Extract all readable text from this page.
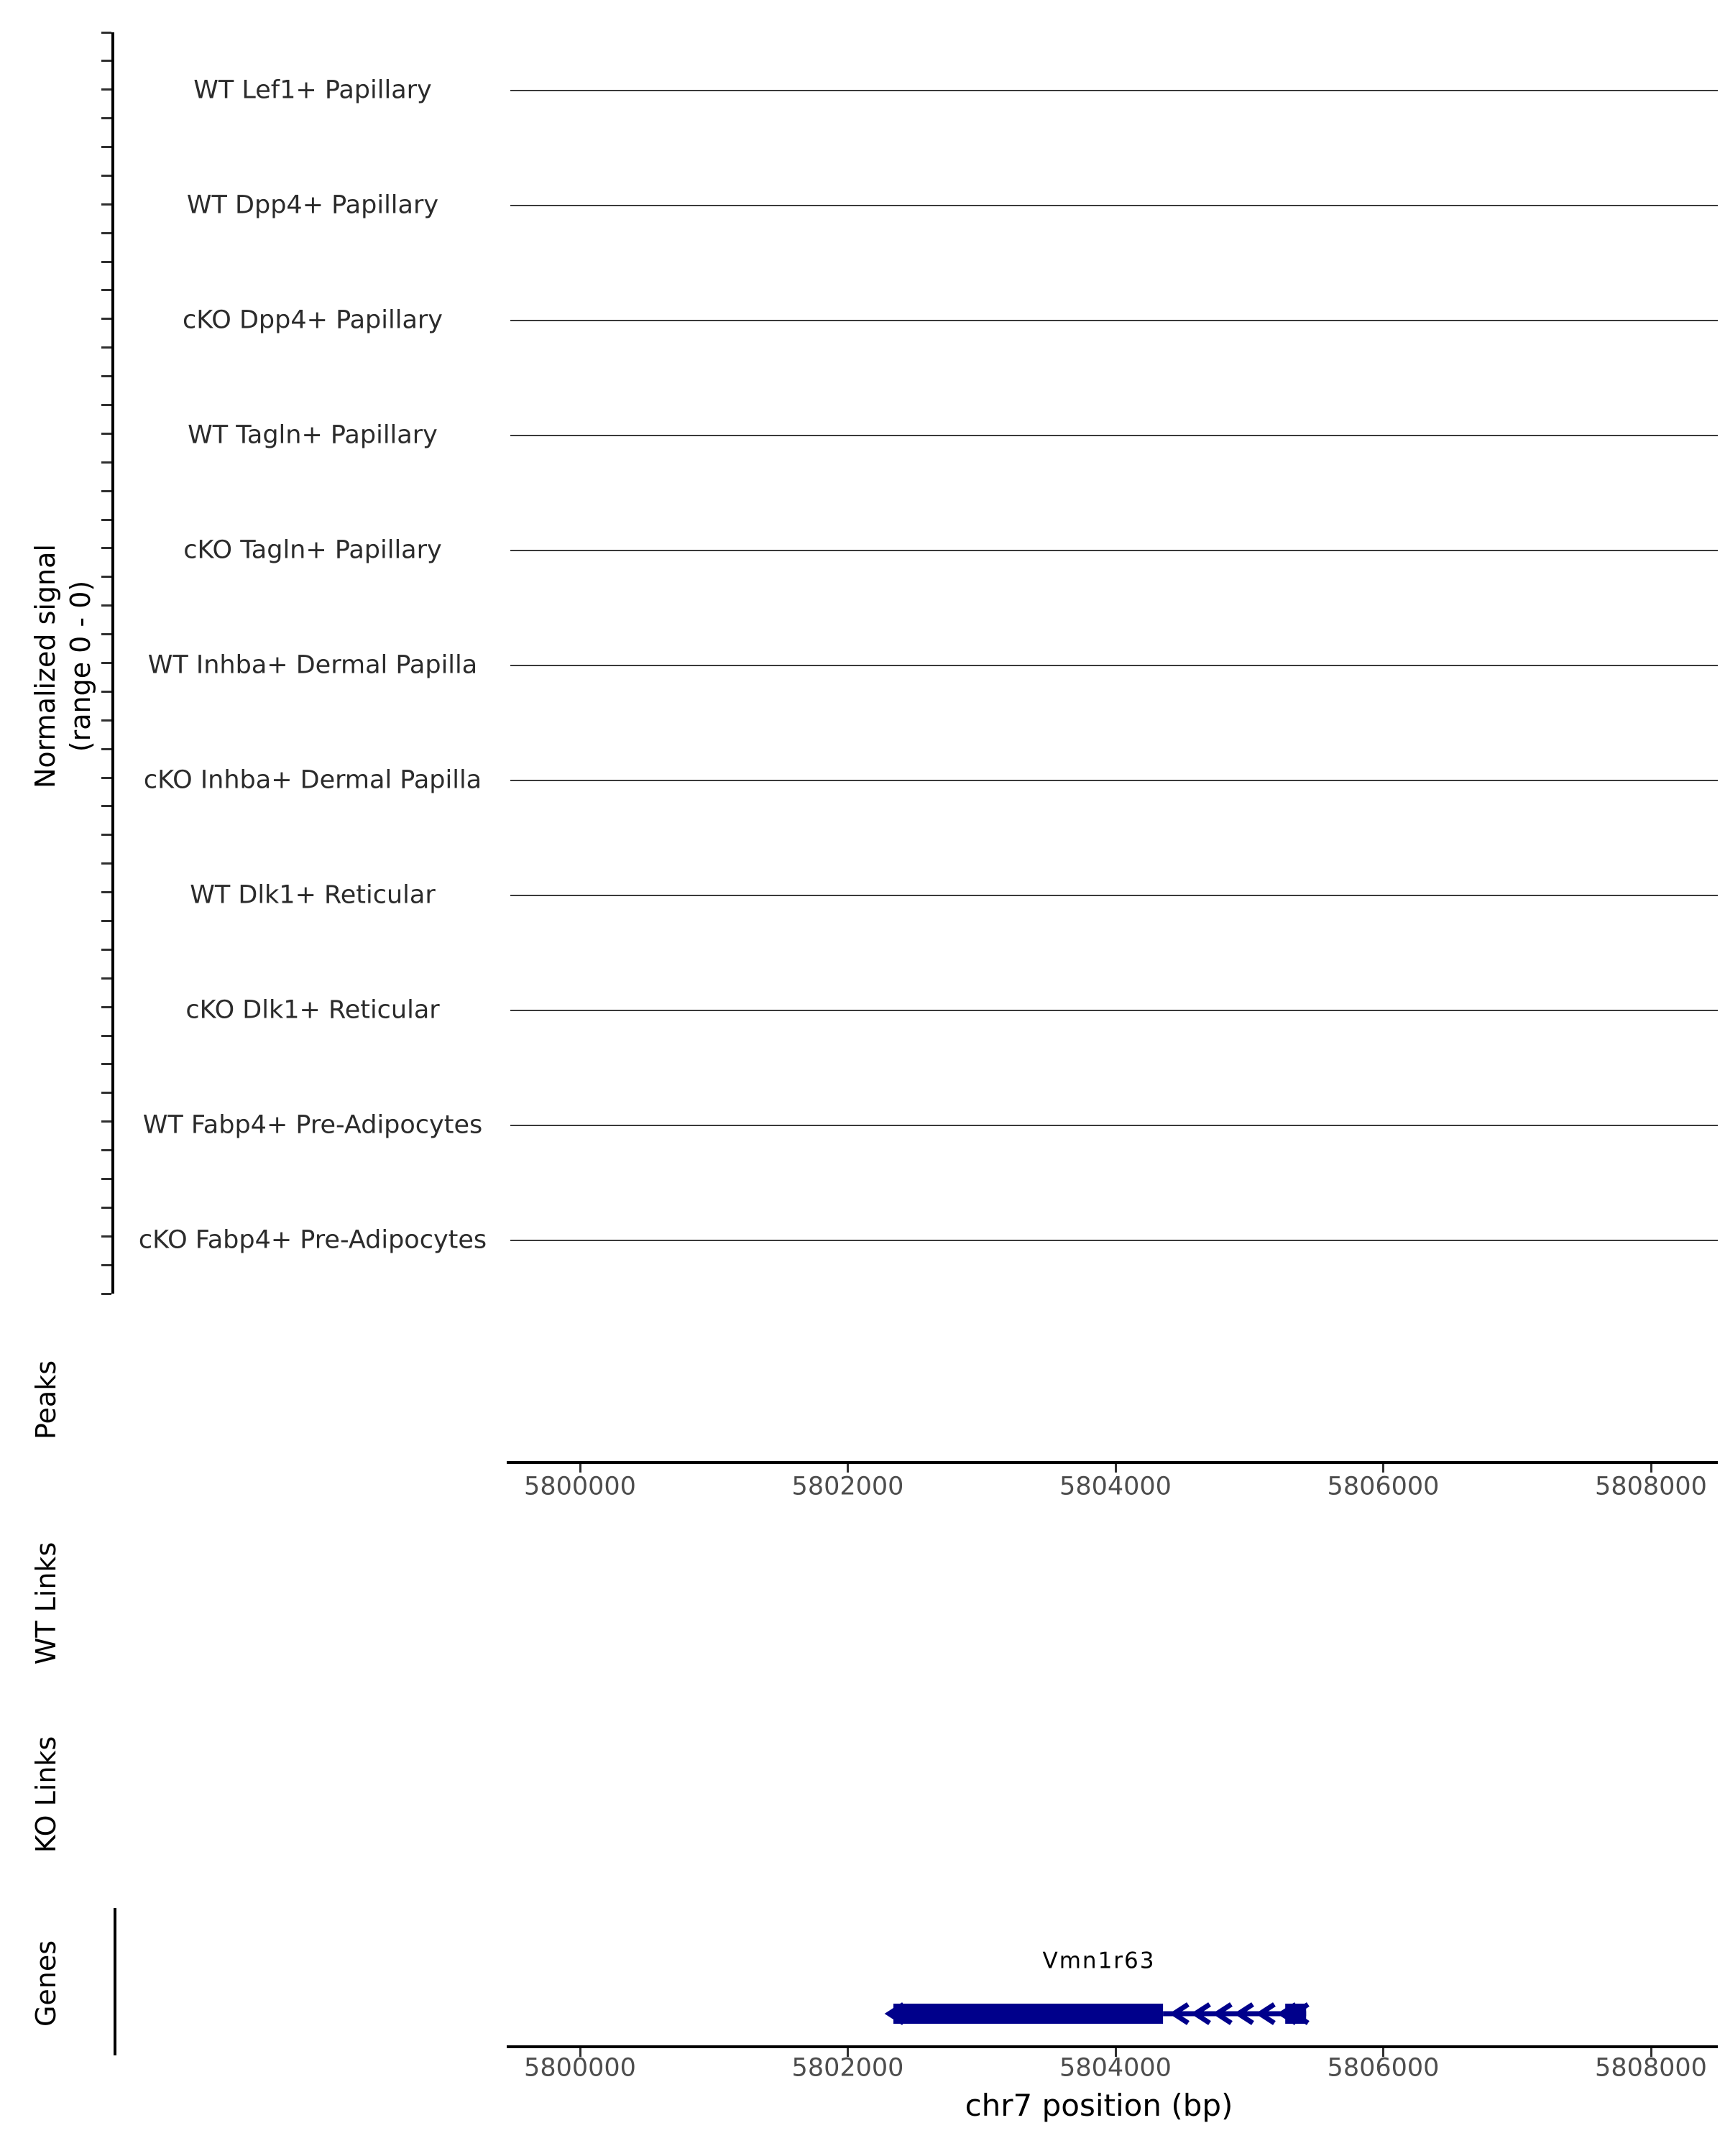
Normalized signal (range 0 - 0)
WT Lef1+ Papillary
WT Dpp4+ Papillary
cKO Dpp4+ Papillary
WT Tagln+ Papillary
cKO Tagln+ Papillary
WT Inhba+ Dermal Papilla
cKO Inhba+ Dermal Papilla
WT Dlk1+ Reticular
cKO Dlk1+ Reticular
WT Fabp4+ Pre-Adipocytes
cKO Fabp4+ Pre-Adipocytes
Peaks
WT Links
KO Links
Genes
5800000	5802000	5804000	5806000	5808000
Vmn1r63
5800000	5802000	5804000	5806000	5808000
chr7 position (bp)
